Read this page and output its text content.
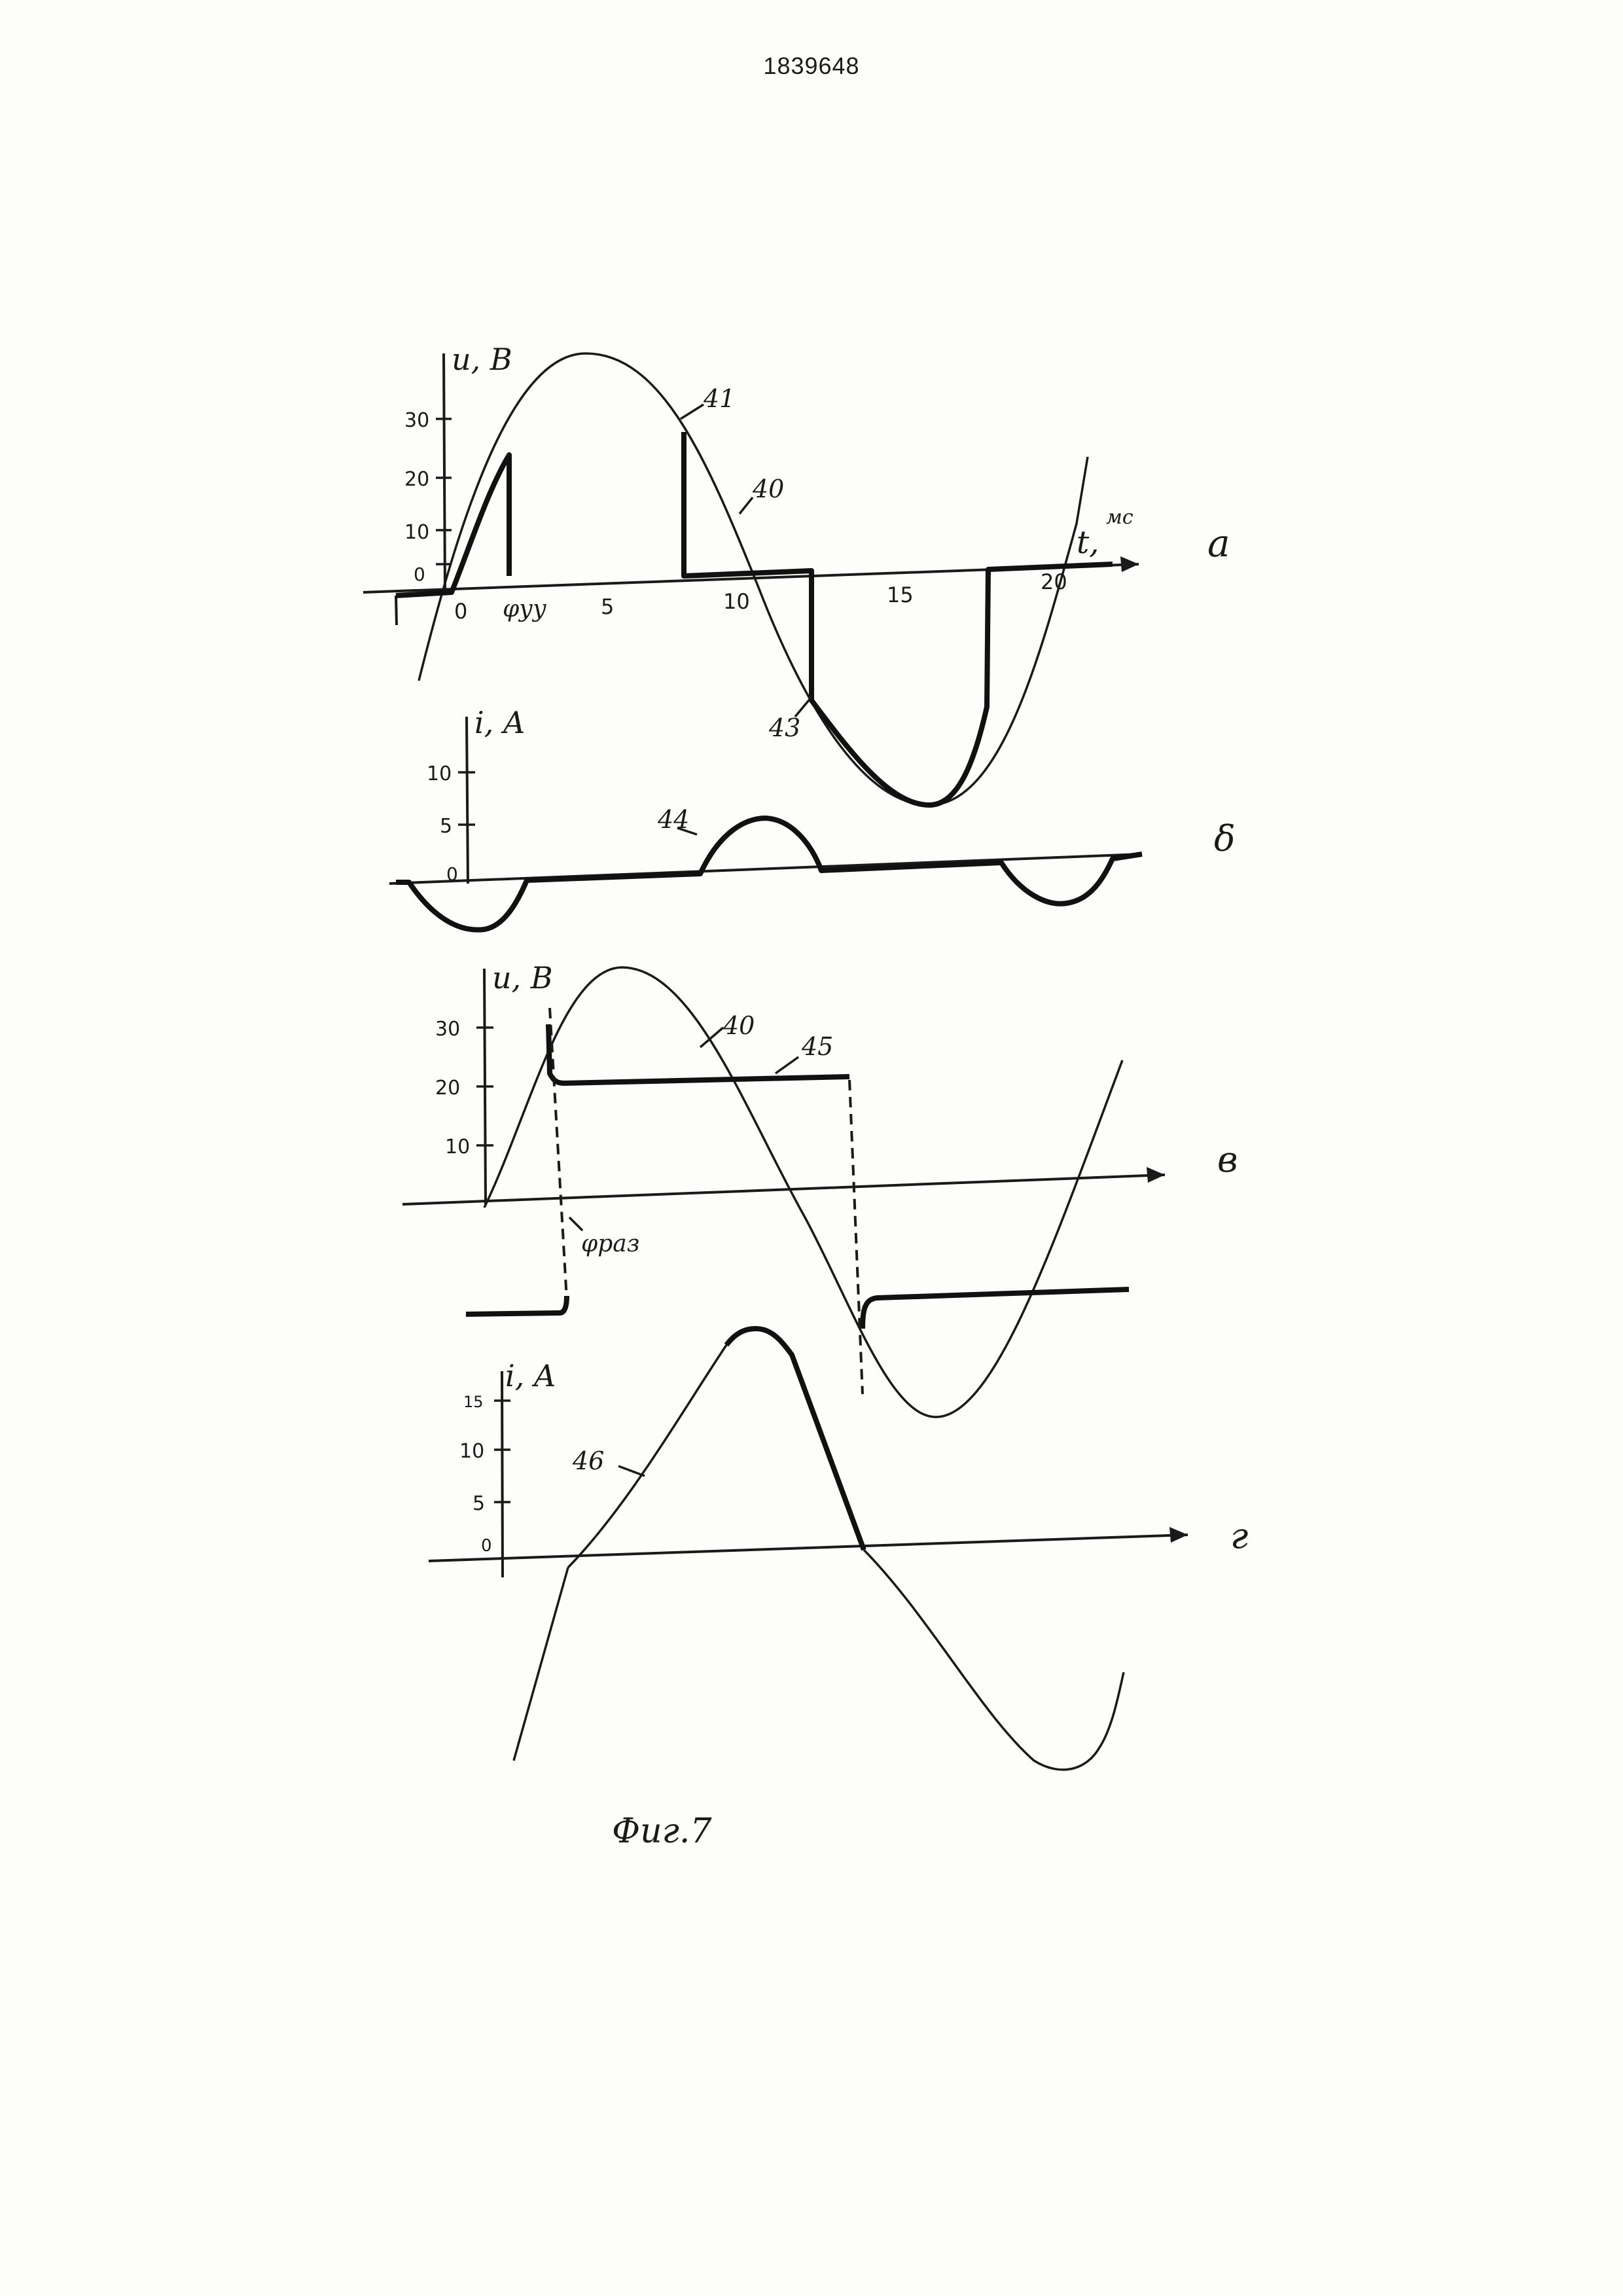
1839648
0
10
20
30
0	5	10	15
20
u, B
t,
мс
φуу
41
40
43
а
0
5
10
i, A
44	δ
10
20
30
u, B
40
45
φраз
в
0
5
10
15
i, A
46
г
Фиг.7
